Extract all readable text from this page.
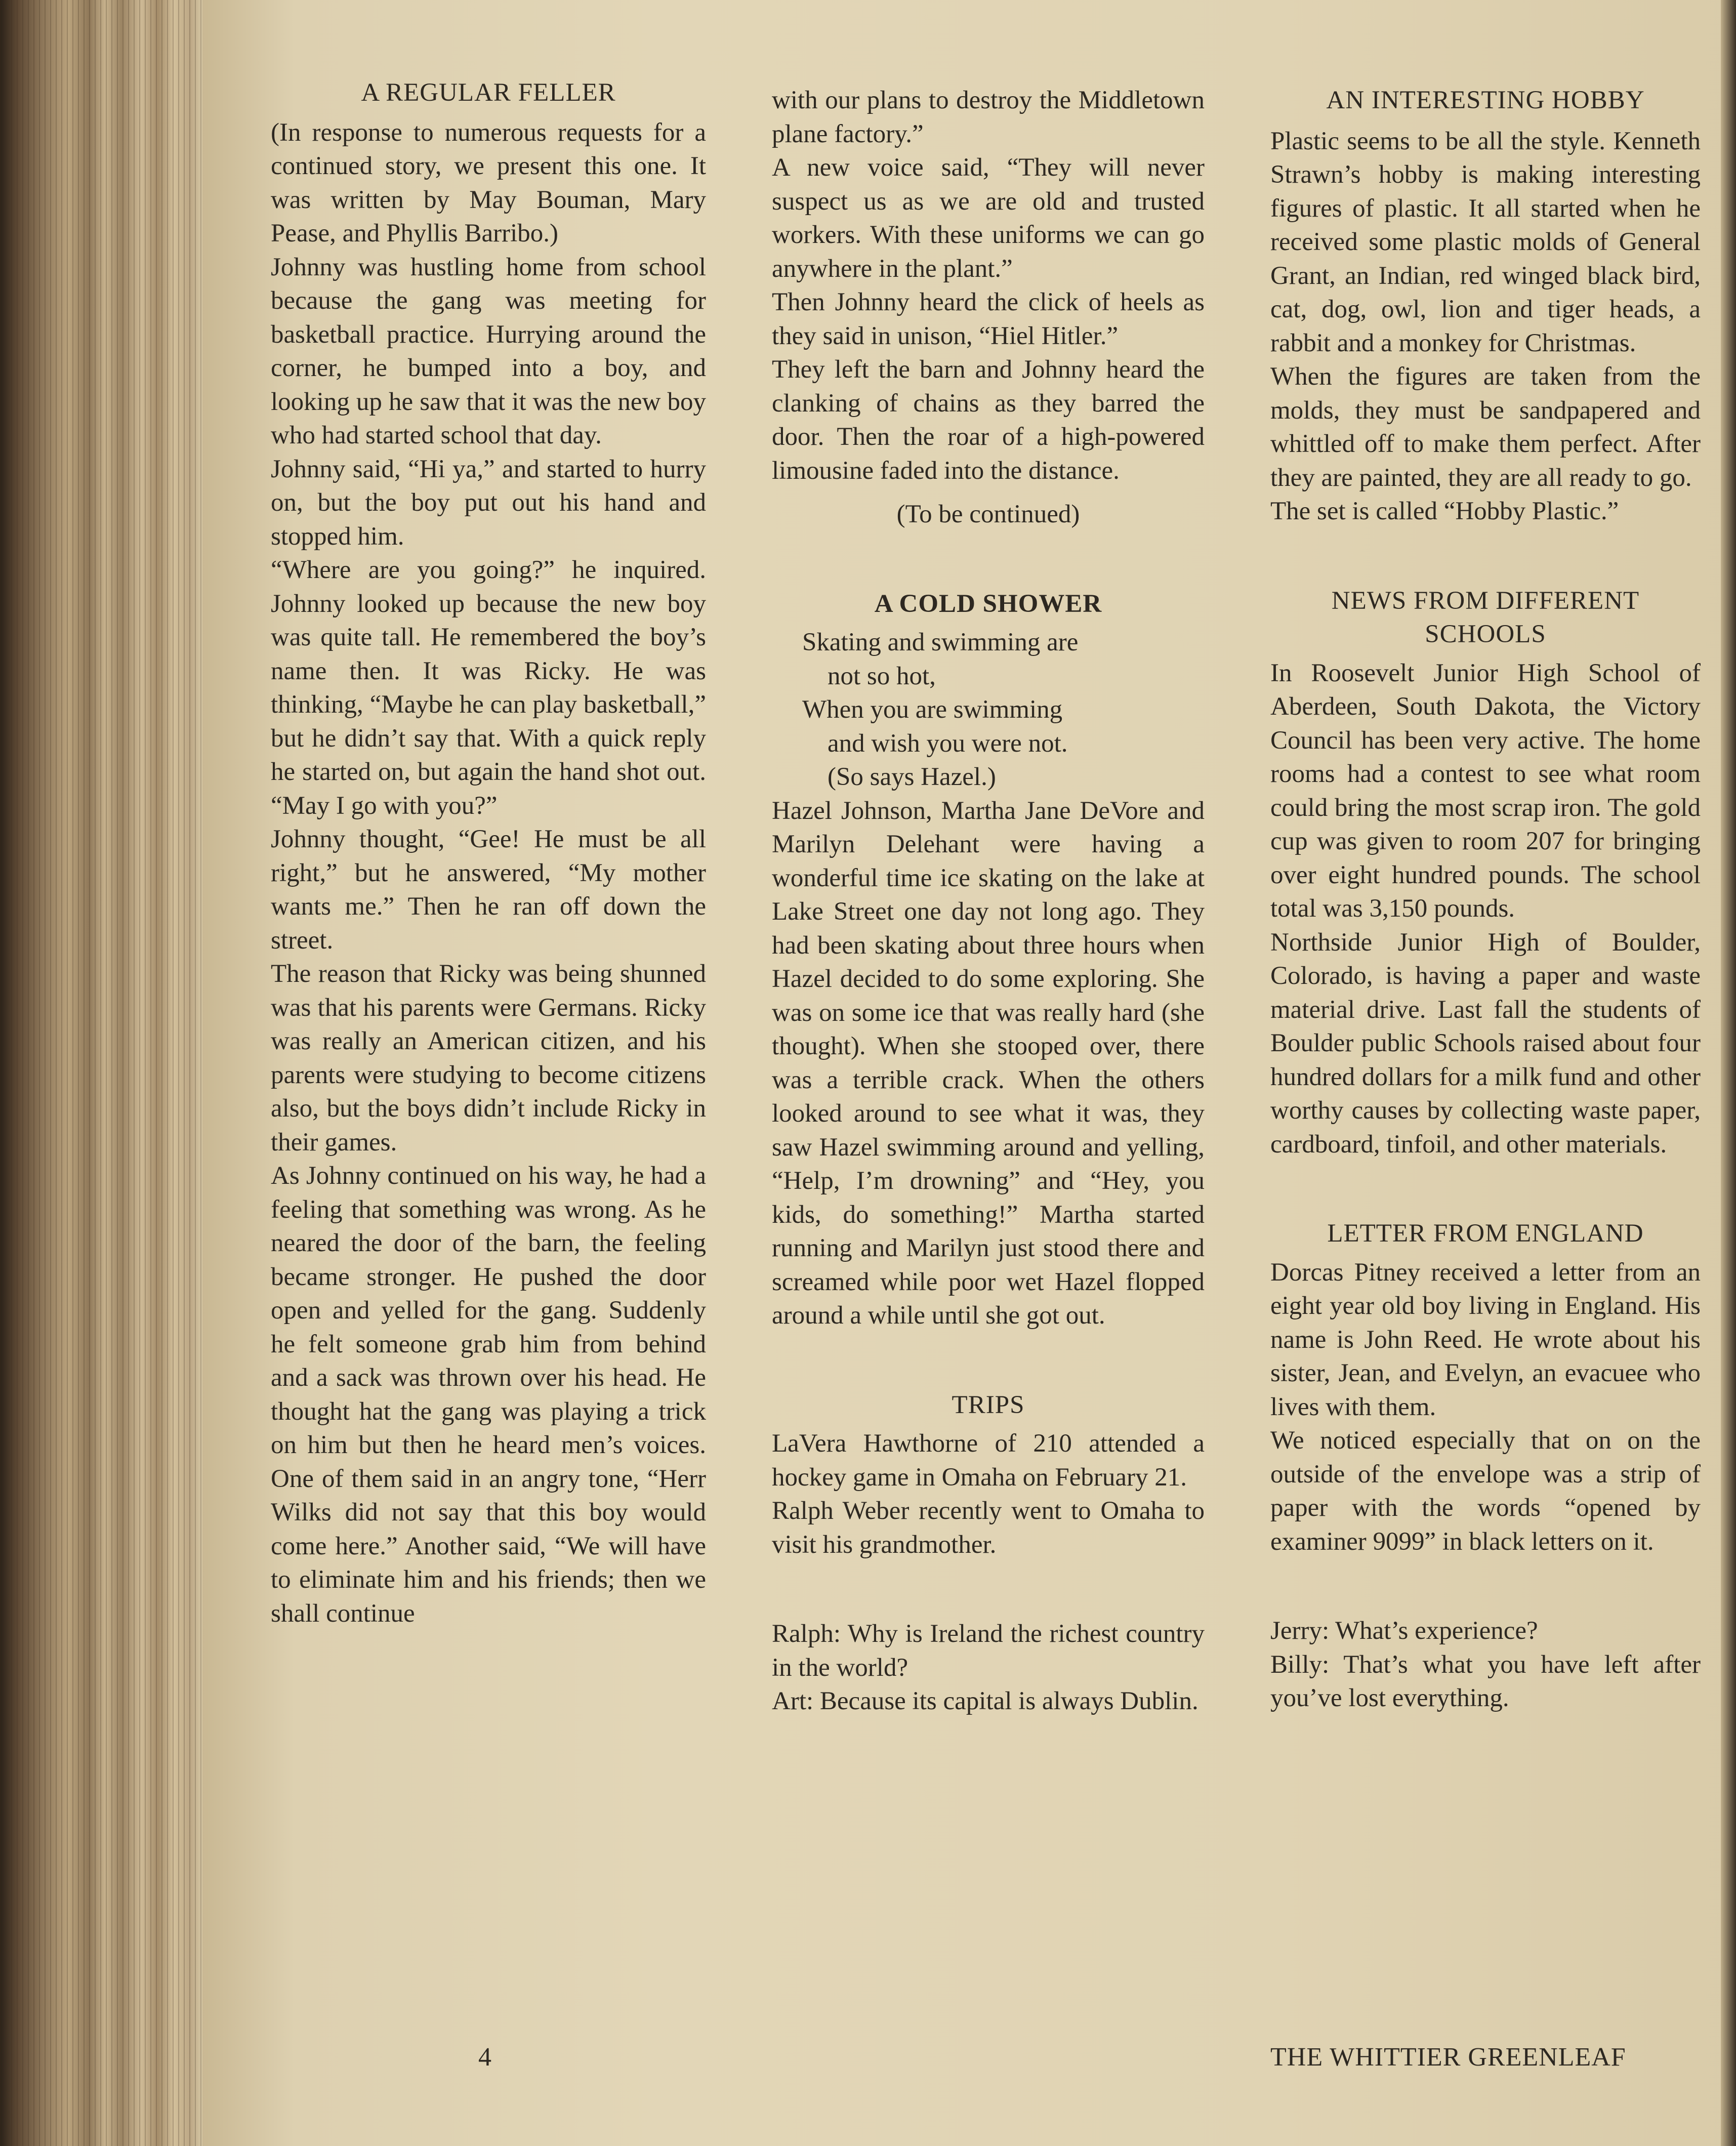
A REGULAR FELLER

(In response to numerous requests for a continued story, we present this one. It was written by May Bouman, Mary Pease, and Phyllis Barribo.)

Johnny was hustling home from school because the gang was meeting for basketball practice. Hurrying around the corner, he bumped into a boy, and looking up he saw that it was the new boy who had started school that day.

Johnny said, “Hi ya,” and started to hurry on, but the boy put out his hand and stopped him.

“Where are you going?” he inquired. Johnny looked up because the new boy was quite tall. He remembered the boy’s name then. It was Ricky. He was thinking, “Maybe he can play basketball,” but he didn’t say that. With a quick reply he started on, but again the hand shot out. “May I go with you?”

Johnny thought, “Gee! He must be all right,” but he answered, “My mother wants me.” Then he ran off down the street.

The reason that Ricky was being shunned was that his parents were Germans. Ricky was really an American citizen, and his parents were studying to become citizens also, but the boys didn’t include Ricky in their games.

As Johnny continued on his way, he had a feeling that something was wrong. As he neared the door of the barn, the feeling became stronger. He pushed the door open and yelled for the gang. Suddenly he felt someone grab him from behind and a sack was thrown over his head. He thought hat the gang was playing a trick on him but then he heard men’s voices. One of them said in an angry tone, “Herr Wilks did not say that this boy would come here.” Another said, “We will have to eliminate him and his friends; then we shall continue

4

with our plans to destroy the Middletown plane factory.”

A new voice said, “They will never suspect us as we are old and trusted workers. With these uniforms we can go anywhere in the plant.”

Then Johnny heard the click of heels as they said in unison, “Hiel Hitler.”

They left the barn and Johnny heard the clanking of chains as they barred the door. Then the roar of a high-powered limousine faded into the distance.

(To be continued)

A COLD SHOWER

Skating and swimming are

not so hot,

When you are swimming

and wish you were not.

(So says Hazel.)

Hazel Johnson, Martha Jane DeVore and Marilyn Delehant were having a wonderful time ice skating on the lake at Lake Street one day not long ago. They had been skating about three hours when Hazel decided to do some exploring. She was on some ice that was really hard (she thought). When she stooped over, there was a terrible crack. When the others looked around to see what it was, they saw Hazel swimming around and yelling, “Help, I’m drowning” and “Hey, you kids, do something!” Martha started running and Marilyn just stood there and screamed while poor wet Hazel flopped around a while until she got out.

TRIPS

LaVera Hawthorne of 210 attended a hockey game in Omaha on February 21.

Ralph Weber recently went to Omaha to visit his grandmother.

Ralph: Why is Ireland the richest country in the world?

Art: Because its capital is always Dublin.

AN INTERESTING HOBBY

Plastic seems to be all the style. Kenneth Strawn’s hobby is making interesting figures of plastic. It all started when he received some plastic molds of General Grant, an Indian, red winged black bird, cat, dog, owl, lion and tiger heads, a rabbit and a monkey for Christmas.

When the figures are taken from the molds, they must be sandpapered and whittled off to make them perfect. After they are painted, they are all ready to go.

The set is called “Hobby Plastic.”

NEWS FROM DIFFERENT
SCHOOLS

In Roosevelt Junior High School of Aberdeen, South Dakota, the Victory Council has been very active. The home rooms had a contest to see what room could bring the most scrap iron. The gold cup was given to room 207 for bringing over eight hundred pounds. The school total was 3,150 pounds.

Northside Junior High of Boulder, Colorado, is having a paper and waste material drive. Last fall the students of Boulder public Schools raised about four hundred dollars for a milk fund and other worthy causes by collecting waste paper, cardboard, tinfoil, and other materials.

LETTER FROM ENGLAND

Dorcas Pitney received a letter from an eight year old boy living in England. His name is John Reed. He wrote about his sister, Jean, and Evelyn, an evacuee who lives with them.

We noticed especially that on on the outside of the envelope was a strip of paper with the words “opened by examiner 9099” in black letters on it.

Jerry: What’s experience?

Billy: That’s what you have left after you’ve lost everything.

THE WHITTIER GREENLEAF
